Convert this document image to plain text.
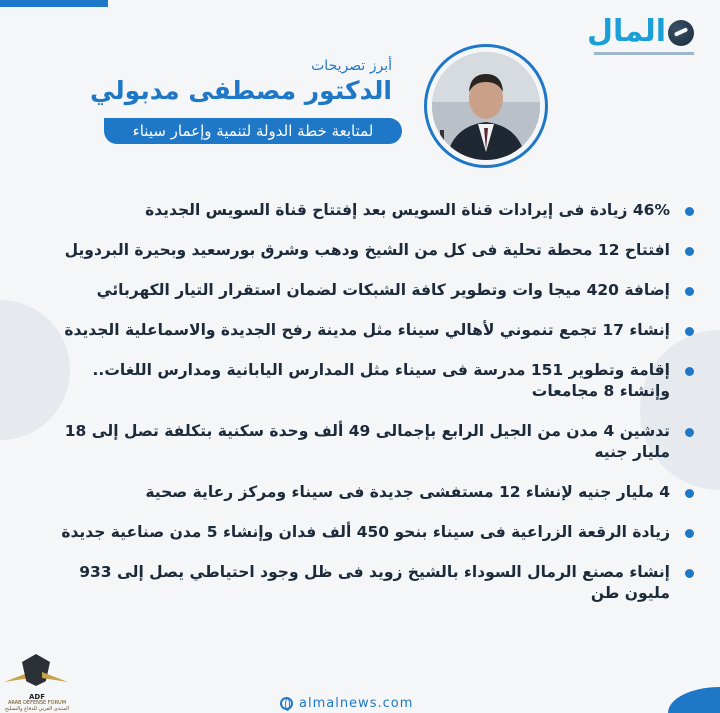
المال
أبرز تصريحات
الدكتور مصطفى مدبولي
لمتابعة خطة الدولة لتنمية وإعمار سيناء
46% زيادة فى إيرادات قناة السويس بعد إفتتاح قناة السويس الجديدة
افتتاح 12 محطة تحلية فى كل من الشيخ ودهب وشرق بورسعيد وبحيرة البردويل
إضافة 420 ميجا وات وتطوير كافة الشبكات لضمان استقرار التيار الكهربائي
إنشاء 17 تجمع تنموني لأهالي سيناء مثل مدينة رفح الجديدة والاسماعلية الجديدة
إقامة وتطوير 151 مدرسة فى سيناء مثل المدارس اليابانية ومدارس اللغات.. وإنشاء 8 مجامعات
تدشين 4 مدن من الجيل الرابع بإجمالى 49 ألف وحدة سكنية بتكلفة تصل إلى 18 مليار جنيه
4 مليار جنيه لإنشاء 12 مستفشى جديدة فى سيناء ومركز رعاية صحية
زيادة الرقعة الزراعية فى سيناء بنحو 450 ألف فدان وإنشاء 5 مدن صناعية جديدة
إنشاء مصنع الرمال السوداء بالشيخ زويد فى ظل وجود احتياطي يصل إلى 933 مليون طن
almalnews.com
ADF
ARAB DEFENSE FORUM
المنتدى العربي للدفاع والتسليح
